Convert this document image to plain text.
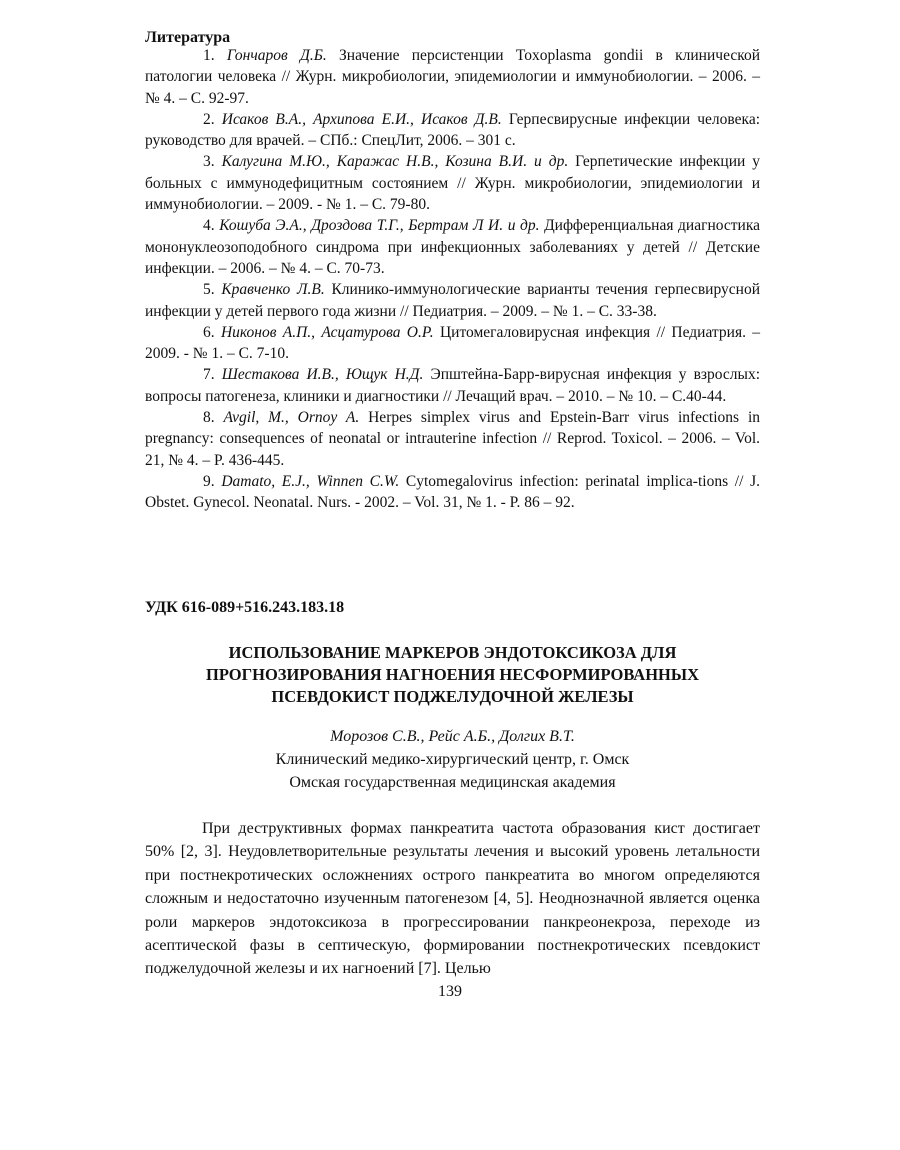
Литература

1. Гончаров Д.Б. Значение персистенции Toxoplasma gondii в клинической патологии человека // Журн. микробиологии, эпидемиологии и иммунобиологии. – 2006. – № 4. – С. 92-97.

2. Исаков В.А., Архипова Е.И., Исаков Д.В. Герпесвирусные инфекции человека: руководство для врачей. – СПб.: СпецЛит, 2006. – 301 с.

3. Калугина М.Ю., Каражас Н.В., Козина В.И. и др. Герпетические инфекции у больных с иммунодефицитным состоянием // Журн. микробиологии, эпидемиологии и иммунобиологии. – 2009. - № 1. – С. 79-80.

4. Кошуба Э.А., Дроздова Т.Г., Бертрам Л И. и др. Дифференциальная диагностика мононуклеозоподобного синдрома при инфекционных заболеваниях у детей // Детские инфекции. – 2006. – № 4. – С. 70-73.

5. Кравченко Л.В. Клинико-иммунологические варианты течения герпесвирусной инфекции у детей первого года жизни // Педиатрия. – 2009. – № 1. – С. 33-38.

6. Никонов А.П., Асцатурова О.Р. Цитомегаловирусная инфекция // Педиатрия. – 2009. - № 1. – С. 7-10.

7. Шестакова И.В., Ющук Н.Д. Эпштейна-Барр-вирусная инфекция у взрослых: вопросы патогенеза, клиники и диагностики // Лечащий врач. – 2010. – № 10. – С.40-44.

8. Avgil, M., Ornoy A. Herpes simplex virus and Epstein-Barr virus infections in pregnancy: consequences of neonatal or intrauterine infection // Reprod. Toxicol. – 2006. – Vol. 21, № 4. – P. 436-445.

9. Damato, E.J., Winnen C.W. Cytomegalovirus infection: perinatal implica-tions // J. Obstet. Gynecol. Neonatal. Nurs. - 2002. – Vol. 31, № 1. - P. 86 – 92.

УДК 616-089+516.243.183.18

ИСПОЛЬЗОВАНИЕ МАРКЕРОВ ЭНДОТОКСИКОЗА ДЛЯ ПРОГНОЗИРОВАНИЯ НАГНОЕНИЯ НЕСФОРМИРОВАННЫХ ПСЕВДОКИСТ ПОДЖЕЛУДОЧНОЙ ЖЕЛЕЗЫ

Морозов С.В., Рейс А.Б., Долгих В.Т.
Клинический медико-хирургический центр, г. Омск
Омская государственная медицинская академия

При деструктивных формах панкреатита частота образования кист достигает 50% [2, 3]. Неудовлетворительные результаты лечения и высокий уровень летальности при постнекротических осложнениях острого панкреатита во многом определяются сложным и недостаточно изученным патогенезом [4, 5]. Неоднозначной является оценка роли маркеров эндотоксикоза в прогрессировании панкреонекроза, переходе из асептической фазы в септическую, формировании постнекротических псевдокист поджелудочной железы и их нагноений [7]. Целью

139
